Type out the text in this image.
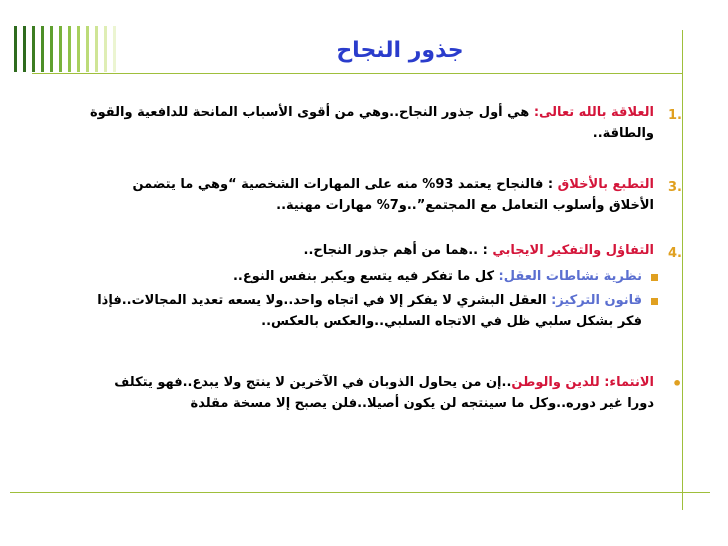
جذور النجاح
1.
العلاقة بالله تعالى: هي أول جذور النجاح..وهي من أقوى الأسباب المانحة للدافعية والقوة
والطاقة..
3.
التطبع بالأخلاق : فالنجاح يعتمد 93% منه على المهارات الشخصية “وهي ما يتضمن
الأخلاق وأسلوب التعامل مع المجتمع”..و7% مهارات مهنية..
4.
التفاؤل والتفكير الايجابي : ..هما من أهم جذور النجاح..
نظرية نشاطات العقل: كل ما تفكر فيه يتسع ويكبر بنفس النوع..
قانون التركيز: العقل البشري لا يفكر إلا في اتجاه واحد..ولا يسعه تعديد المجالات..فإذا
فكر بشكل سلبي ظل في الاتجاه السلبي..والعكس بالعكس..
•
الانتماء: للدين والوطن..إن من يحاول الذوبان في الآخرين لا ينتج ولا يبدع..فهو يتكلف
دورا غير دوره..وكل ما سينتجه لن يكون أصيلا..فلن يصبح إلا مسخة مقلدة
